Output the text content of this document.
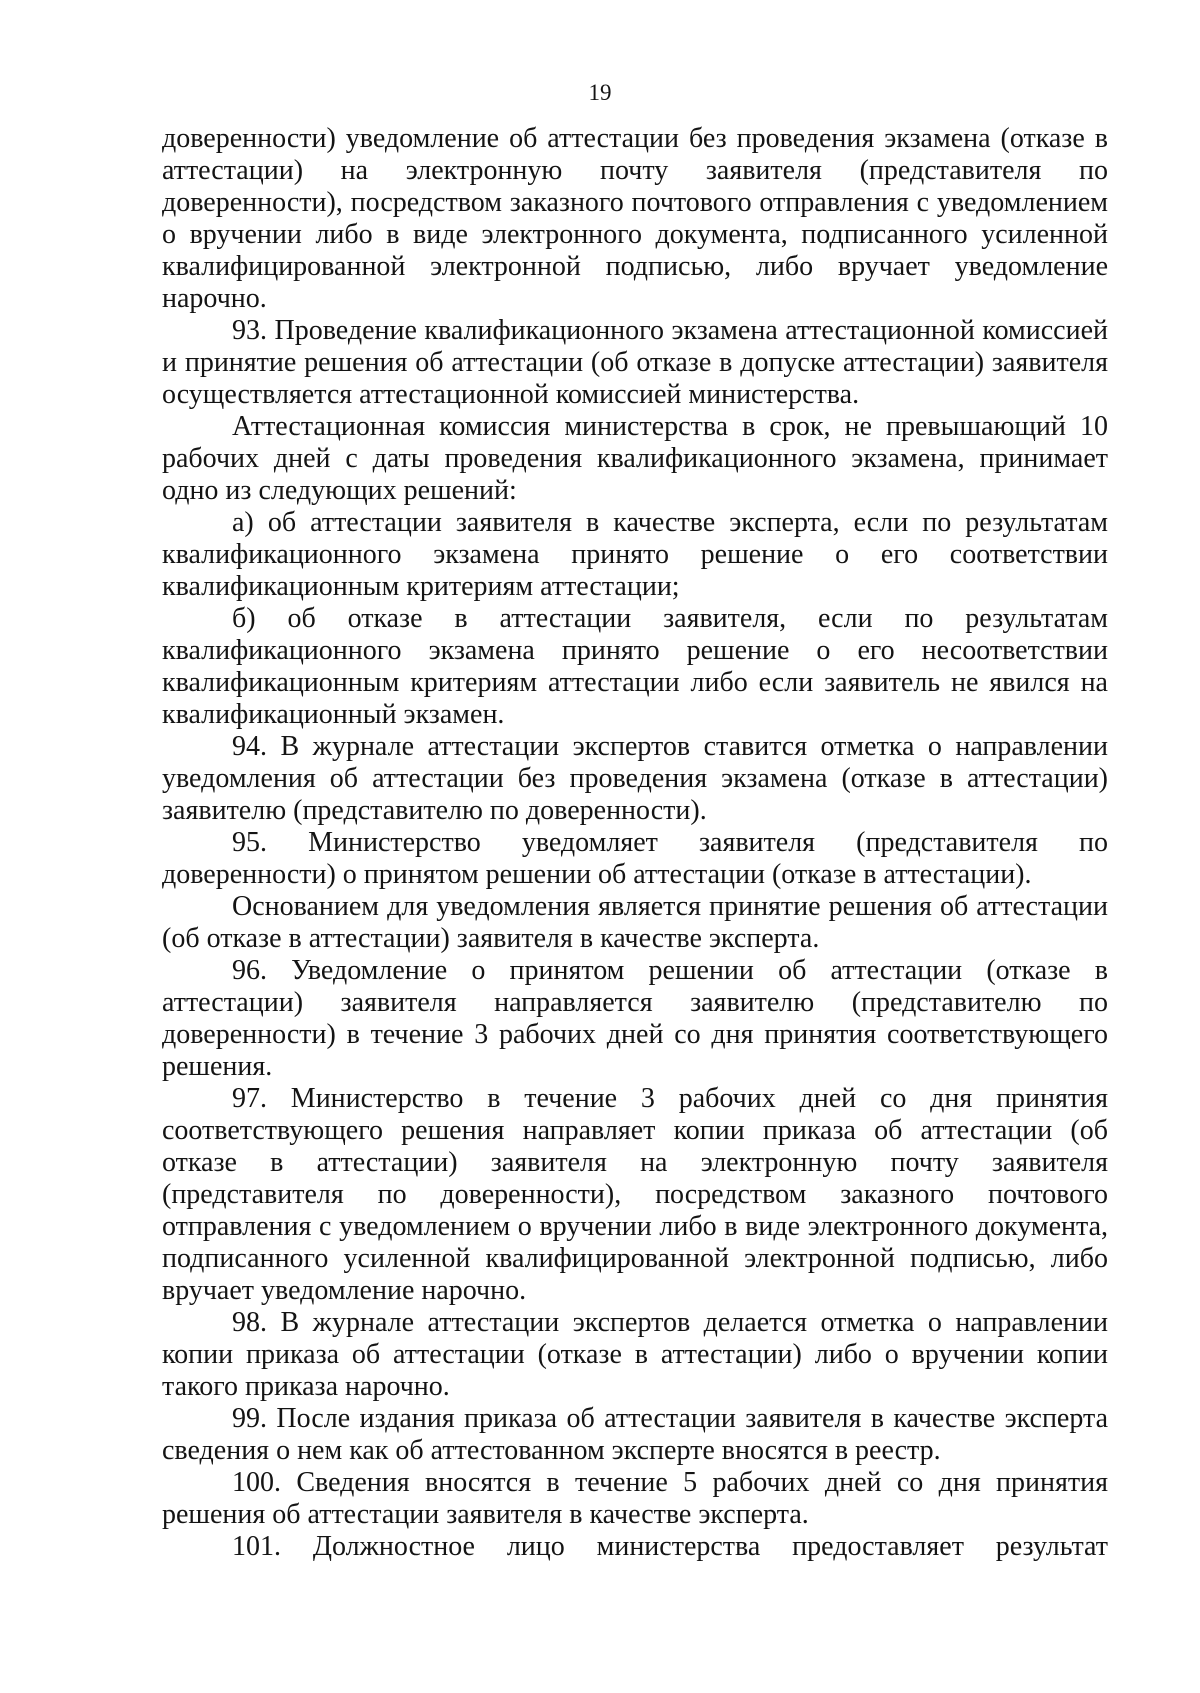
19

доверенности) уведомление об аттестации без проведения экзамена (отказе в аттестации) на электронную почту заявителя (представителя по доверенности), посредством заказного почтового отправления с уведомлением о вручении либо в виде электронного документа, подписанного усиленной квалифицированной электронной подписью, либо вручает уведомление нарочно.

93. Проведение квалификационного экзамена аттестационной комиссией и принятие решения об аттестации (об отказе в допуске аттестации) заявителя осуществляется аттестационной комиссией министерства.

Аттестационная комиссия министерства в срок, не превышающий 10 рабочих дней с даты проведения квалификационного экзамена, принимает одно из следующих решений:

а) об аттестации заявителя в качестве эксперта, если по результатам квалификационного экзамена принято решение о его соответствии квалификационным критериям аттестации;

б) об отказе в аттестации заявителя, если по результатам квалификационного экзамена принято решение о его несоответствии квалификационным критериям аттестации либо если заявитель не явился на квалификационный экзамен.

94. В журнале аттестации экспертов ставится отметка о направлении уведомления об аттестации без проведения экзамена (отказе в аттестации) заявителю (представителю по доверенности).

95. Министерство уведомляет заявителя (представителя по доверенности) о принятом решении об аттестации (отказе в аттестации).

Основанием для уведомления является принятие решения об аттестации (об отказе в аттестации) заявителя в качестве эксперта.

96. Уведомление о принятом решении об аттестации (отказе в аттестации) заявителя направляется заявителю (представителю по доверенности) в течение 3 рабочих дней со дня принятия соответствующего решения.

97. Министерство в течение 3 рабочих дней со дня принятия соответствующего решения направляет копии приказа об аттестации (об отказе в аттестации) заявителя на электронную почту заявителя (представителя по доверенности), посредством заказного почтового отправления с уведомлением о вручении либо в виде электронного документа, подписанного усиленной квалифицированной электронной подписью, либо вручает уведомление нарочно.

98. В журнале аттестации экспертов делается отметка о направлении копии приказа об аттестации (отказе в аттестации) либо о вручении копии такого приказа нарочно.

99. После издания приказа об аттестации заявителя в качестве эксперта сведения о нем как об аттестованном эксперте вносятся в реестр.

100. Сведения вносятся в течение 5 рабочих дней со дня принятия решения об аттестации заявителя в качестве эксперта.

101. Должностное лицо министерства предоставляет результат
